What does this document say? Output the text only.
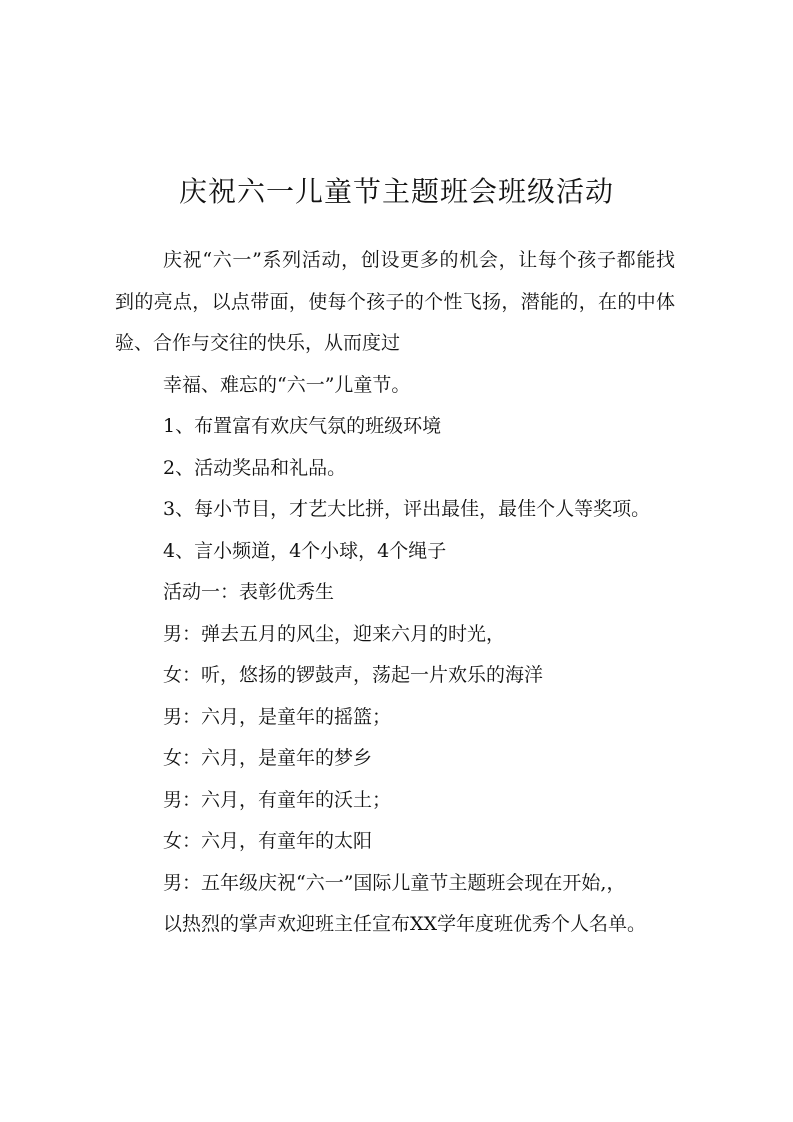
庆祝六一儿童节主题班会班级活动

庆祝“六一”系列活动，创设更多的机会，让每个孩子都能找到的亮点，以点带面，使每个孩子的个性飞扬，潜能的，在的中体验、合作与交往的快乐，从而度过

幸福、难忘的“六一”儿童节。

1、布置富有欢庆气氛的班级环境

2、活动奖品和礼品。

3、每小节目，才艺大比拼，评出最佳，最佳个人等奖项。

4、言小频道，4个小球，4个绳子

活动一：表彰优秀生

男：弹去五月的风尘，迎来六月的时光，

女：听，悠扬的锣鼓声，荡起一片欢乐的海洋

男：六月，是童年的摇篮；

女：六月，是童年的梦乡

男：六月，有童年的沃土；

女：六月，有童年的太阳

男：五年级庆祝“六一”国际儿童节主题班会现在开始,，

以热烈的掌声欢迎班主任宣布XX学年度班优秀个人名单。
